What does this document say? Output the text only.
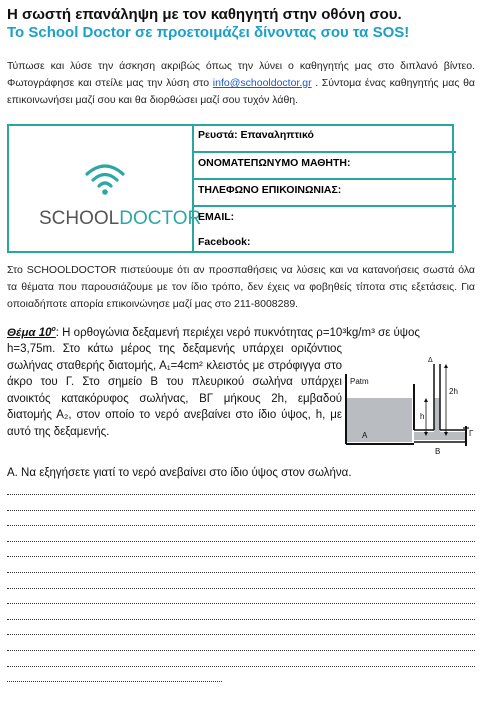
Η σωστή επανάληψη με τον καθηγητή στην οθόνη σου.
To School Doctor σε προετοιμάζει δίνοντας σου τα SOS!
Τύπωσε και λύσε την άσκηση ακριβώς όπως την λύνει ο καθηγητής μας στο διπλανό βίντεο. Φωτογράφησε και στείλε μας την λύση στο info@schooldoctor.gr . Σύντομα ένας καθηγητής μας θα επικοινωνήσει μαζί σου και θα διορθώσει μαζί σου τυχόν λάθη.
SCHOOLDOCTOR
Ρευστά: Επαναληπτικό
ΟΝΟΜΑΤΕΠΩΝΥΜΟ ΜΑΘΗΤΗ:
ΤΗΛΕΦΩΝΟ ΕΠΙΚΟΙΝΩΝΙΑΣ:
EMAIL:
Facebook:
Στο SCHOOLDOCTOR πιστεύουμε ότι αν προσπαθήσεις να λύσεις και να κατανοήσεις σωστά όλα τα θέματα που παρουσιάζουμε με τον ίδιο τρόπο, δεν έχεις να φοβηθείς τίποτα στις εξετάσεις. Για οποιαδήποτε απορία επικοινώνησε μαζί μας στο 211-8008289.
Θέμα $10^o$: Η ορθογώνια δεξαμενή περιέχει νερό πυκνότητας ρ=10³kg/m³ σε ύψος
h=3,75m. Στο κάτω μέρος της δεξαμενής υπάρχει οριζόντιος σωλήνας σταθερής διατομής, Α₁=4cm² κλειστός με στρόφιγγα στο άκρο του Γ. Στο σημείο Β του πλευρικού σωλήνα υπάρχει ανοικτός κατακόρυφος σωλήνας, ΒΓ μήκους 2h, εμβαδού διατομής Α₂, στον οποίο το νερό ανεβαίνει στο ίδιο ύψος, h, με αυτό της δεξαμενής.
Patm
h
2h
Δ
A
B
Γ
Α. Να εξηγήσετε γιατί το νερό ανεβαίνει στο ίδιο ύψος στον σωλήνα.
